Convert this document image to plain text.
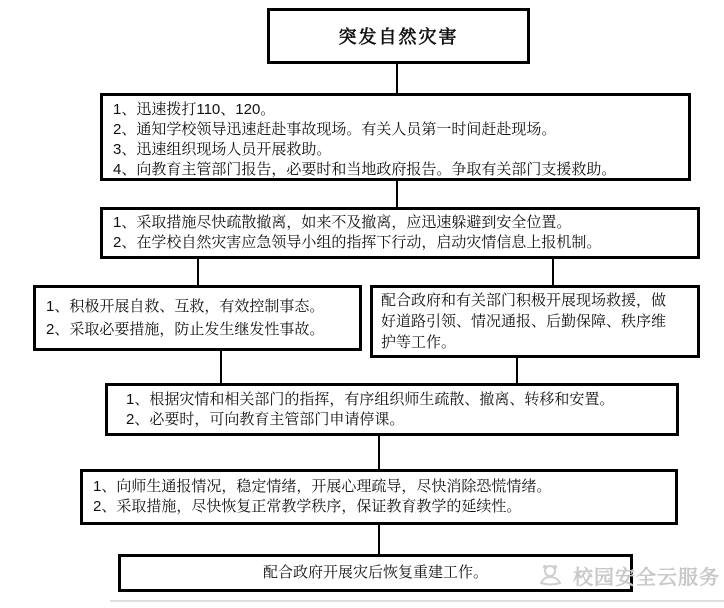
突发自然灾害
1、迅速拨打110、120。
2、通知学校领导迅速赶赴事故现场。有关人员第一时间赶赴现场。
3、迅速组织现场人员开展救助。
4、向教育主管部门报告，必要时和当地政府报告。争取有关部门支援救助。
1、采取措施尽快疏散撤离，如来不及撤离，应迅速躲避到安全位置。
2、在学校自然灾害应急领导小组的指挥下行动，启动灾情信息上报机制。
1、积极开展自救、互救，有效控制事态。
2、采取必要措施，防止发生继发性事故。
配合政府和有关部门积极开展现场救援，做好道路引领、情况通报、后勤保障、秩序维护等工作。
1、根据灾情和相关部门的指挥，有序组织师生疏散、撤离、转移和安置。
2、必要时，可向教育主管部门申请停课。
1、向师生通报情况，稳定情绪，开展心理疏导，尽快消除恐慌情绪。
2、采取措施，尽快恢复正常教学秩序，保证教育教学的延续性。
配合政府开展灾后恢复重建工作。	校园安全云服务
